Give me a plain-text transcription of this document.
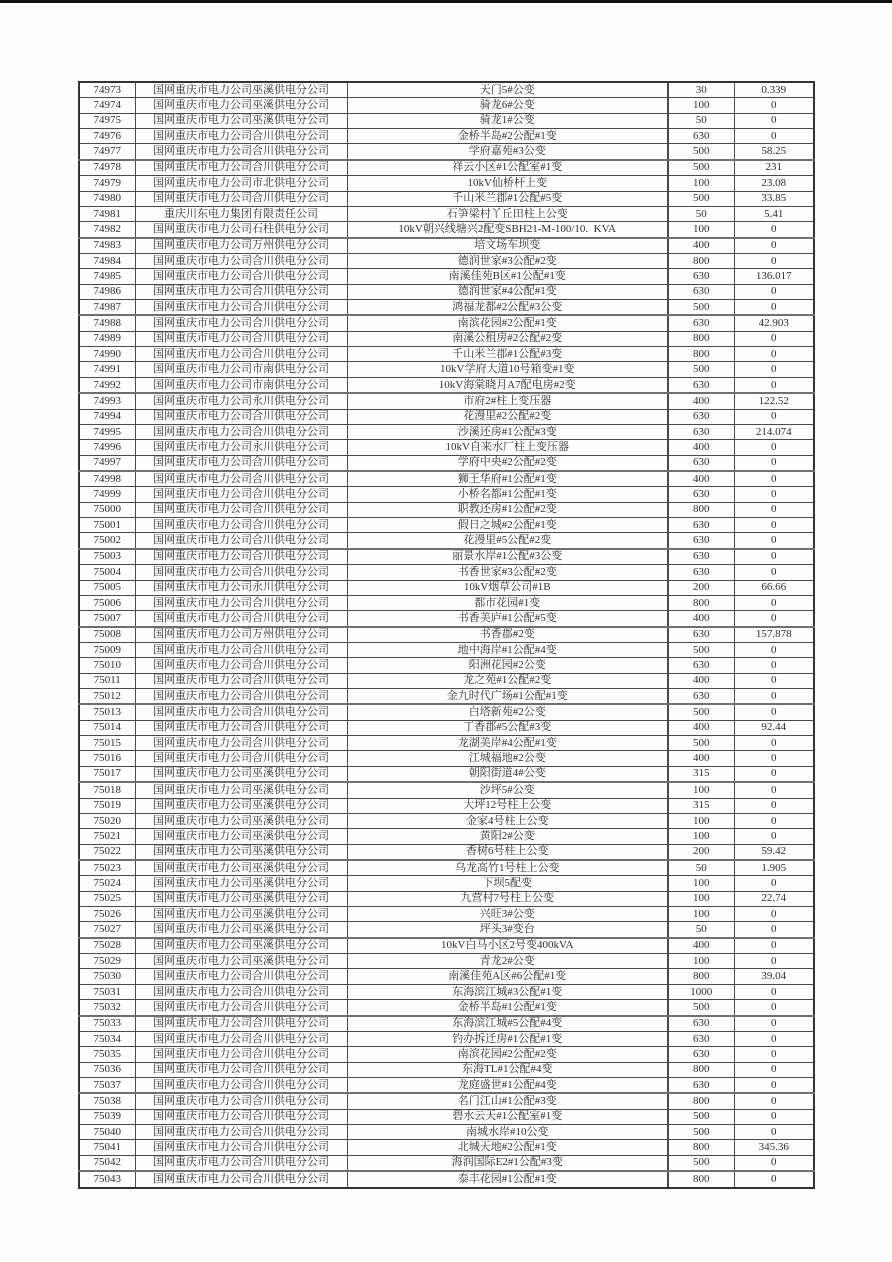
74973	国网重庆市电力公司巫溪供电分公司	天门5#公变	30	0.339
74974	国网重庆市电力公司巫溪供电分公司	骑龙6#公变	100	0
74975	国网重庆市电力公司巫溪供电分公司	骑龙1#公变	50	0
74976	国网重庆市电力公司合川供电分公司	金桥半岛#2公配#1变	630	0
74977	国网重庆市电力公司合川供电分公司	学府嘉苑#3公变	500	58.25
74978	国网重庆市电力公司合川供电分公司	祥云小区#1公配室#1变	500	231
74979	国网重庆市电力公司市北供电分公司	10kV仙桥杆上变	100	23.08
74980	国网重庆市电力公司合川供电分公司	千山米兰郡#1公配#5变	500	33.85
74981	重庆川东电力集团有限责任公司	石笋梁村丫丘田柱上公变	50	5.41
74982	国网重庆市电力公司石柱供电分公司	10kV朝兴线塘兴2配变SBH21-M-100/10.  KVA	100	0
74983	国网重庆市电力公司万州供电分公司	培文场车坝变	400	0
74984	国网重庆市电力公司合川供电分公司	德润世家#3公配#2变	800	0
74985	国网重庆市电力公司合川供电分公司	南溪佳苑B区#1公配#1变	630	136.017
74986	国网重庆市电力公司合川供电分公司	德润世家#4公配#1变	630	0
74987	国网重庆市电力公司合川供电分公司	鸿福龙都#2公配#3公变	500	0
74988	国网重庆市电力公司合川供电分公司	南滨花园#2公配#1变	630	42.903
74989	国网重庆市电力公司合川供电分公司	南溪公租房#2公配#2变	800	0
74990	国网重庆市电力公司合川供电分公司	千山米兰郡#1公配#3变	800	0
74991	国网重庆市电力公司市南供电分公司	10kV学府大道10号箱变#1变	500	0
74992	国网重庆市电力公司市南供电分公司	10kV海棠晓月A7配电房#2变	630	0
74993	国网重庆市电力公司永川供电分公司	市府2#柱上变压器	400	122.52
74994	国网重庆市电力公司合川供电分公司	花漫里#2公配#2变	630	0
74995	国网重庆市电力公司合川供电分公司	沙溪还房#1公配#3变	630	214.074
74996	国网重庆市电力公司永川供电分公司	10kV自来水厂柱上变压器	400	0
74997	国网重庆市电力公司合川供电分公司	学府中央#2公配#2变	630	0
74998	国网重庆市电力公司合川供电分公司	狮王华府#1公配#1变	400	0
74999	国网重庆市电力公司合川供电分公司	小桥名都#1公配#1变	630	0
75000	国网重庆市电力公司合川供电分公司	职教还房#1公配#2变	800	0
75001	国网重庆市电力公司合川供电分公司	假日之城#2公配#1变	630	0
75002	国网重庆市电力公司合川供电分公司	花漫里#5公配#2变	630	0
75003	国网重庆市电力公司合川供电分公司	丽景水岸#1公配#3公变	630	0
75004	国网重庆市电力公司合川供电分公司	书香世家#3公配#2变	630	0
75005	国网重庆市电力公司永川供电分公司	10kV烟草公司#1B	200	66.66
75006	国网重庆市电力公司合川供电分公司	都市花园#1变	800	0
75007	国网重庆市电力公司合川供电分公司	书香美庐#1公配#5变	400	0
75008	国网重庆市电力公司万州供电分公司	书香郡#2变	630	157.878
75009	国网重庆市电力公司合川供电分公司	地中海岸#1公配#4变	500	0
75010	国网重庆市电力公司合川供电分公司	阳洲花园#2公变	630	0
75011	国网重庆市电力公司合川供电分公司	龙之苑#1公配#2变	400	0
75012	国网重庆市电力公司合川供电分公司	金九时代广场#1公配#1变	630	0
75013	国网重庆市电力公司合川供电分公司	白塔新苑#2公变	500	0
75014	国网重庆市电力公司合川供电分公司	丁香郡#5公配#3变	400	92.44
75015	国网重庆市电力公司合川供电分公司	龙湖美岸#4公配#1变	500	0
75016	国网重庆市电力公司合川供电分公司	江城福地#2公变	400	0
75017	国网重庆市电力公司巫溪供电分公司	朝阳街道4#公变	315	0
75018	国网重庆市电力公司巫溪供电分公司	沙坪5#公变	100	0
75019	国网重庆市电力公司巫溪供电分公司	大坪12号柱上公变	315	0
75020	国网重庆市电力公司巫溪供电分公司	金家4号柱上公变	100	0
75021	国网重庆市电力公司巫溪供电分公司	黄阳2#公变	100	0
75022	国网重庆市电力公司巫溪供电分公司	香树6号柱上公变	200	59.42
75023	国网重庆市电力公司巫溪供电分公司	乌龙高竹1号柱上公变	50	1.905
75024	国网重庆市电力公司巫溪供电分公司	下坝5配变	100	0
75025	国网重庆市电力公司巫溪供电分公司	九营村7号柱上公变	100	22.74
75026	国网重庆市电力公司巫溪供电分公司	兴旺3#公变	100	0
75027	国网重庆市电力公司巫溪供电分公司	坪头3#变台	50	0
75028	国网重庆市电力公司巫溪供电分公司	10kV白马小区2号变400kVA	400	0
75029	国网重庆市电力公司巫溪供电分公司	青龙2#公变	100	0
75030	国网重庆市电力公司合川供电分公司	南溪佳苑A区#6公配#1变	800	39.04
75031	国网重庆市电力公司合川供电分公司	东海滨江城#3公配#1变	1000	0
75032	国网重庆市电力公司合川供电分公司	金桥半岛#1公配#1变	500	0
75033	国网重庆市电力公司合川供电分公司	东海滨江城#5公配#4变	630	0
75034	国网重庆市电力公司合川供电分公司	钓办拆迁房#1公配#1变	630	0
75035	国网重庆市电力公司合川供电分公司	南滨花园#2公配#2变	630	0
75036	国网重庆市电力公司合川供电分公司	东海TL#1公配#4变	800	0
75037	国网重庆市电力公司合川供电分公司	龙庭盛世#1公配#4变	630	0
75038	国网重庆市电力公司合川供电分公司	名门江山#1公配#3变	800	0
75039	国网重庆市电力公司合川供电分公司	碧水云天#1公配室#1变	500	0
75040	国网重庆市电力公司合川供电分公司	南城水岸#10公变	500	0
75041	国网重庆市电力公司合川供电分公司	北城天地#2公配#1变	800	345.36
75042	国网重庆市电力公司合川供电分公司	海润国际E2#1公配#3变	500	0
75043	国网重庆市电力公司合川供电分公司	泰丰花园#1公配#1变	800	0
